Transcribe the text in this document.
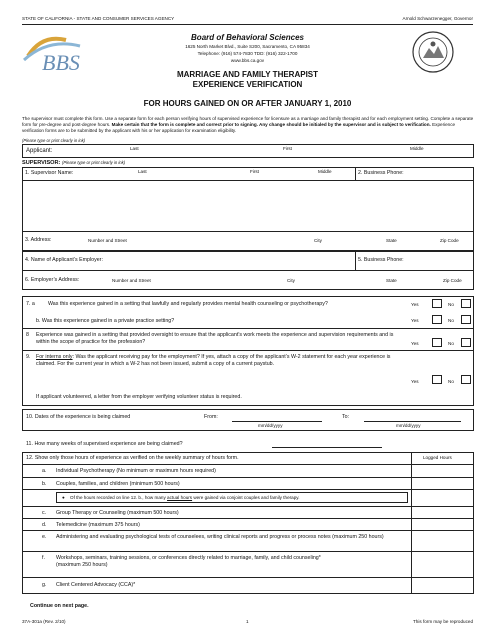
STATE OF CALIFORNIA - STATE AND CONSUMER SERVICES AGENCY	Arnold Schwarzenegger, Governor
BBS
Board of Behavioral Sciences
1625 North Market Blvd., Suite S200, Sacramento, CA 95834
Telephone: (916) 574-7830 TDD: (916) 322-1700
www.bbs.ca.gov
MARRIAGE AND FAMILY THERAPIST
EXPERIENCE VERIFICATION
FOR HOURS GAINED ON OR AFTER JANUARY 1, 2010
The supervisor must complete this form. Use a separate form for each person verifying hours of supervised experience for licensure as a marriage and family therapist and for each employment setting. Complete a separate form for pre-degree and post-degree hours. Make certain that the form is complete and correct prior to signing. Any change should be initialed by the supervisor and is subject to verification. Experience verification forms are to be submitted by the applicant with his or her application for examination eligibility.
(Please type or print clearly in ink)
Applicant:	Last	First	Middle
SUPERVISOR: (Please type or print clearly in ink)
1. Supervisor Name:	Last	First	Middle	2. Business Phone:
3. Address:	Number and Street	City	State	Zip Code
4. Name of Applicant’s Employer:	5. Business Phone:
6. Employer’s Address:	Number and Street	City	State	Zip Code
7. a Was this experience gained in a setting that lawfully and regularly provides mental health counseling or psychotherapy?	Yes	No
b. Was this experience gained in a private practice setting?	Yes	No
8 Experience was gained in a setting that provided oversight to ensure that the applicant’s work meets the experience and supervision requirements and is within the scope of practice for the profession?	Yes	No
9. For interns only: Was the applicant receiving pay for the employment? If yes, attach a copy of the applicant’s W-2 statement for each year experience is claimed. For the current year in which a W-2 has not been issued, submit a copy of a current paystub.
Yes	No
If applicant volunteered, a letter from the employer verifying volunteer status is required.
10. Dates of the experience is being claimed	From:
mm/dd/yyyy
To:
mm/dd/yyyy
11. How many weeks of supervised experience are being claimed?
12. Show only those hours of experience as verified on the weekly summary of hours form.	Logged Hours
a. Individual Psychotherapy (No minimum or maximum hours required)
b. Couples, families, and children (minimum 500 hours)
● Of the hours recorded on line 12. b., how many actual hours were gained via conjoint couples and family therapy.
c. Group Therapy or Counseling (maximum 500 hours)
d. Telemedicine (maximum 375 hours)
e. Administering and evaluating psychological tests of counselees, writing clinical reports and progress or process notes (maximum 250 hours)
f. Workshops, seminars, training sessions, or conferences directly related to marriage, family, and child counseling* (maximum 250 hours)
g. Client Centered Advocacy (CCA)*
Continue on next page.
37A-301a (Rev. 2/10)	1	This form may be reproduced
